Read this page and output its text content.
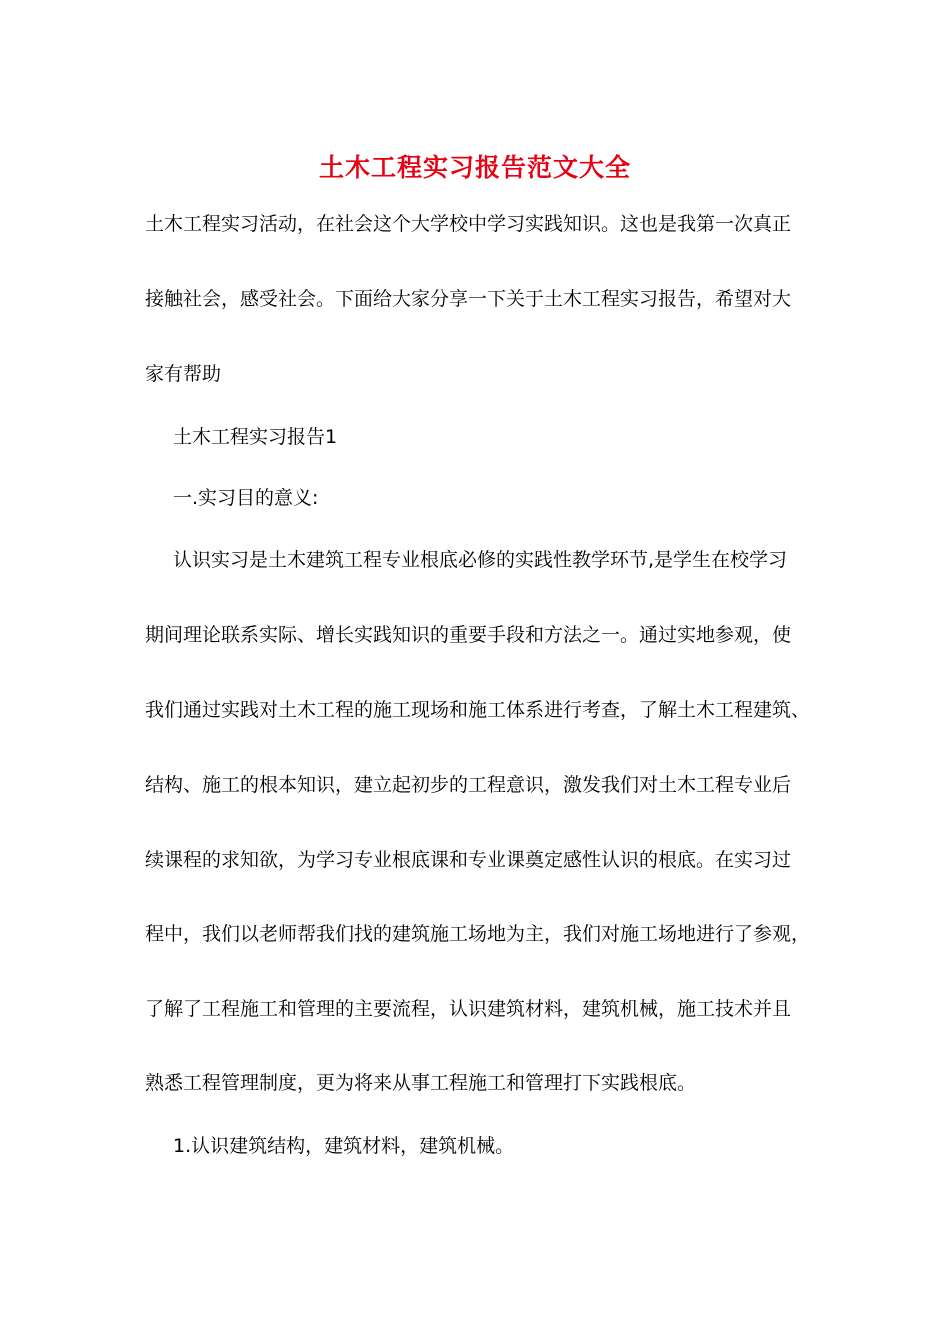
土木工程实习报告范文大全
土木工程实习活动，在社会这个大学校中学习实践知识。这也是我第一次真正
接触社会，感受社会。下面给大家分享一下关于土木工程实习报告，希望对大
家有帮助
土木工程实习报告1
一.实习目的意义:
认识实习是土木建筑工程专业根底必修的实践性教学环节,是学生在校学习
期间理论联系实际、增长实践知识的重要手段和方法之一。通过实地参观，使
我们通过实践对土木工程的施工现场和施工体系进行考查，了解土木工程建筑、
结构、施工的根本知识，建立起初步的工程意识，激发我们对土木工程专业后
续课程的求知欲，为学习专业根底课和专业课奠定感性认识的根底。在实习过
程中，我们以老师帮我们找的建筑施工场地为主，我们对施工场地进行了参观，
了解了工程施工和管理的主要流程，认识建筑材料，建筑机械，施工技术并且
熟悉工程管理制度，更为将来从事工程施工和管理打下实践根底。
1.认识建筑结构，建筑材料，建筑机械。
